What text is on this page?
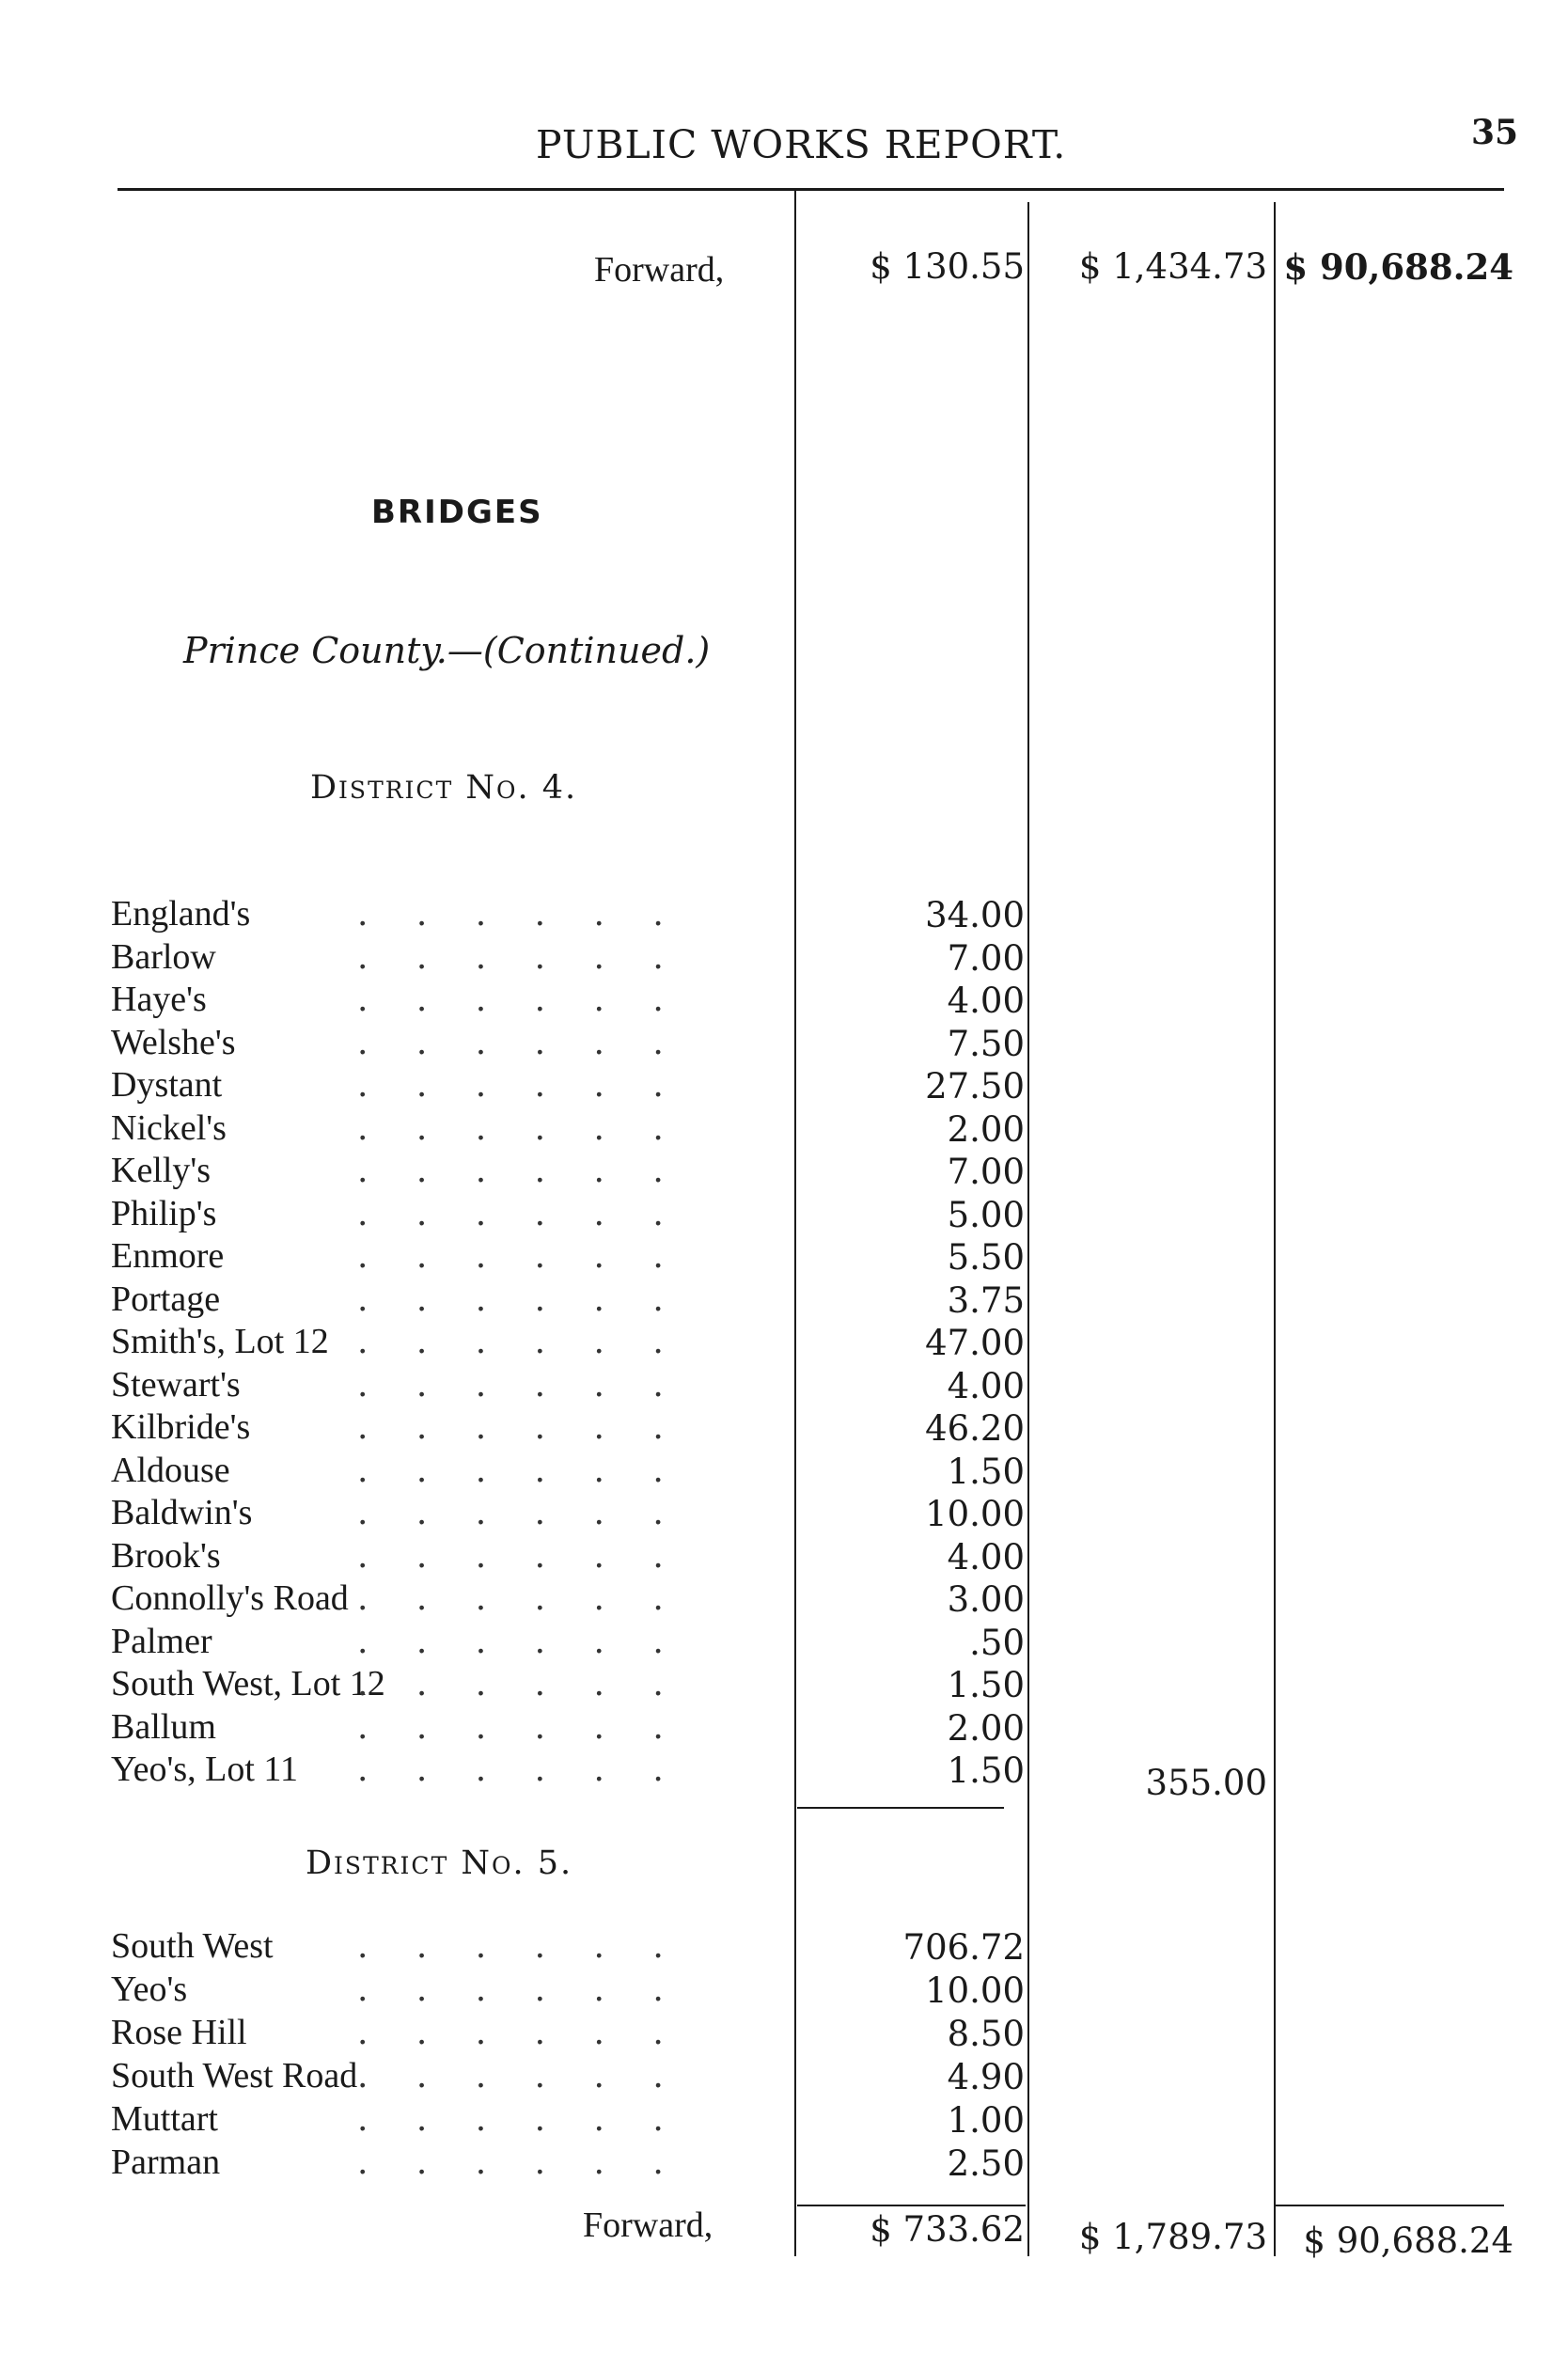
PUBLIC WORKS REPORT.	35
Forward,	$ 130.55 $ 1,434.73 $ 90,688.24
BRIDGES
Prince County.—(Continued.)
District No. 4.
England's	. . . . . .	34.00
Barlow	. . . . . .	7.00
Haye's	. . . . . .	4.00
Welshe's	. . . . . .	7.50
Dystant	. . . . . .	27.50
Nickel's	. . . . . .	2.00
Kelly's	. . . . . .	7.00
Philip's	. . . . . .	5.00
Enmore	. . . . . .	5.50
Portage	. . . . . .	3.75
Smith's, Lot 12 . . . . . .	47.00
Stewart's	. . . . . .	4.00
Kilbride's	. . . . . .	46.20
Aldouse	. . . . . .	1.50
Baldwin's	. . . . . .	10.00
Brook's	. . . . . .	4.00
Connolly's Road . . . . . .	3.00
Palmer	. . . . . .	.50
South West, Lot 12
. . . . . .	1.50
Ballum	. . . . . .	2.00
Yeo's, Lot 11 . . . . . .	1.50	355.00
District No. 5.
South West . . . . . .	706.72
Yeo's	. . . . . .	10.00
Rose Hill	. . . . . .	8.50
South West Road . . . . . .	4.90
Muttart	. . . . . .	1.00
Parman	. . . . . .	2.50
Forward,	$ 733.62 $ 1,789.73 $ 90,688.24
